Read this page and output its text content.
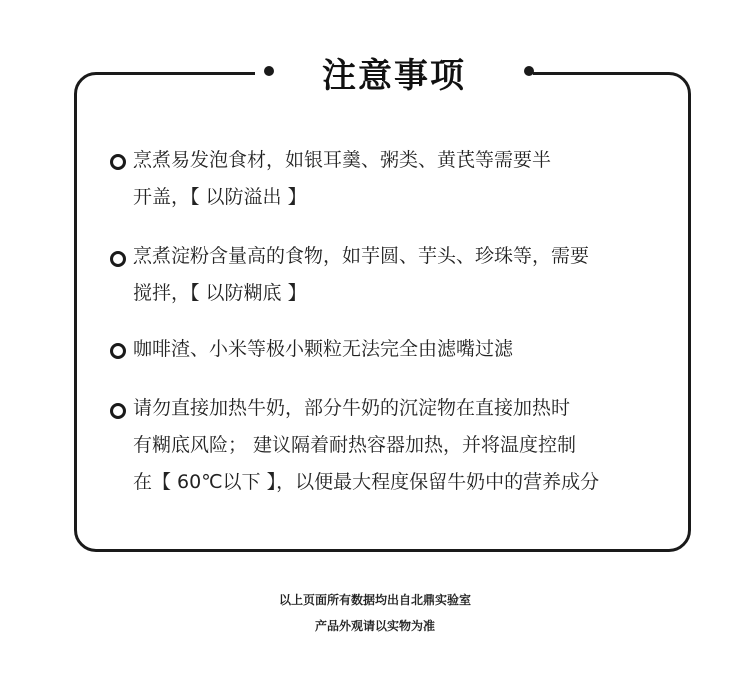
注意事项
烹煮易发泡食材，如银耳羹、粥类、黄芪等需要半
开盖，【 以防溢出 】
烹煮淀粉含量高的食物，如芋圆、芋头、珍珠等，需要
搅拌，【 以防糊底 】
咖啡渣、小米等极小颗粒无法完全由滤嘴过滤
请勿直接加热牛奶，部分牛奶的沉淀物在直接加热时
有糊底风险； 建议隔着耐热容器加热，并将温度控制
在【 60℃以下 】，以便最大程度保留牛奶中的营养成分
以上页面所有数据均出自北鼎实验室
产品外观请以实物为准
